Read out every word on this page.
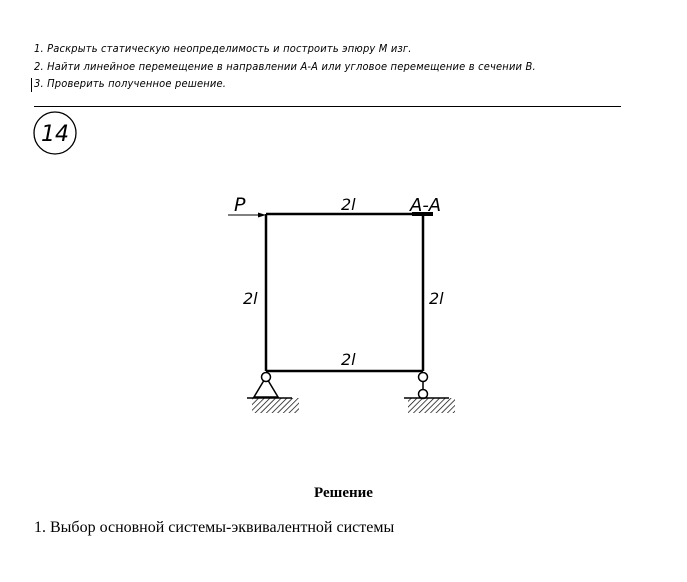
1. Раскрыть статическую неопределимость и построить эпюру M изг.
2. Найти линейное перемещение в направлении А-А или угловое перемещение в сечении В.
3. Проверить полученное решение.
14
P	A-A
2l
2l	2l
2l
Решение
1. Выбор основной системы-эквивалентной системы
